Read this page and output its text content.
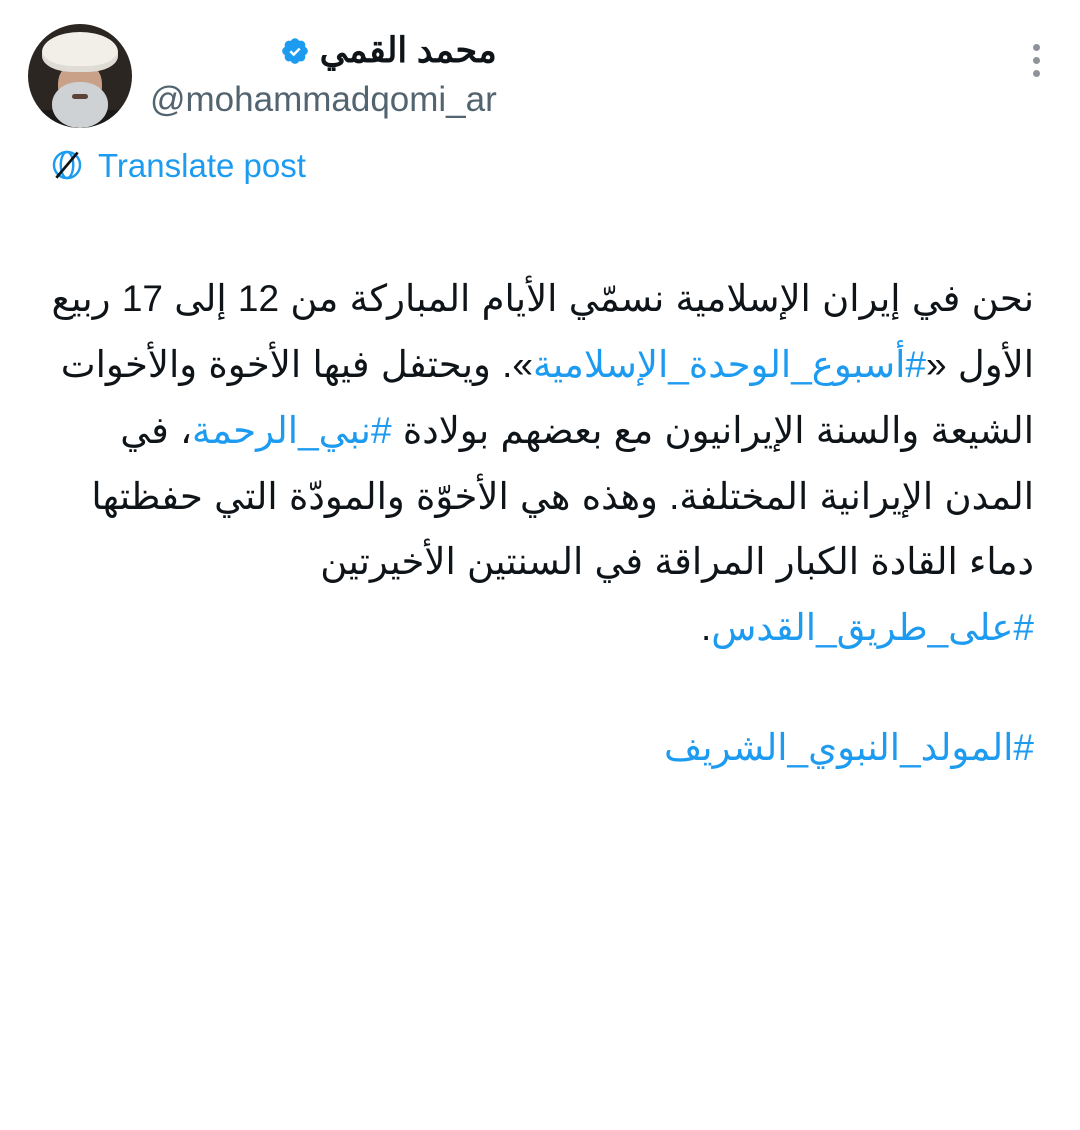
محمد القمي
@mohammadqomi_ar
Translate post

نحن في إيران الإسلامية نسمّي الأيام المباركة من 12 إلى 17 ربيع الأول «#أسبوع_الوحدة_الإسلامية». ويحتفل فيها الأخوة والأخوات الشيعة والسنة الإيرانيون مع بعضهم بولادة #نبي_الرحمة، في المدن الإيرانية المختلفة. وهذه هي الأخوّة والمودّة التي حفظتها دماء القادة الكبار المراقة في السنتين الأخيرتين #على_طريق_القدس.

#المولد_النبوي_الشريف
